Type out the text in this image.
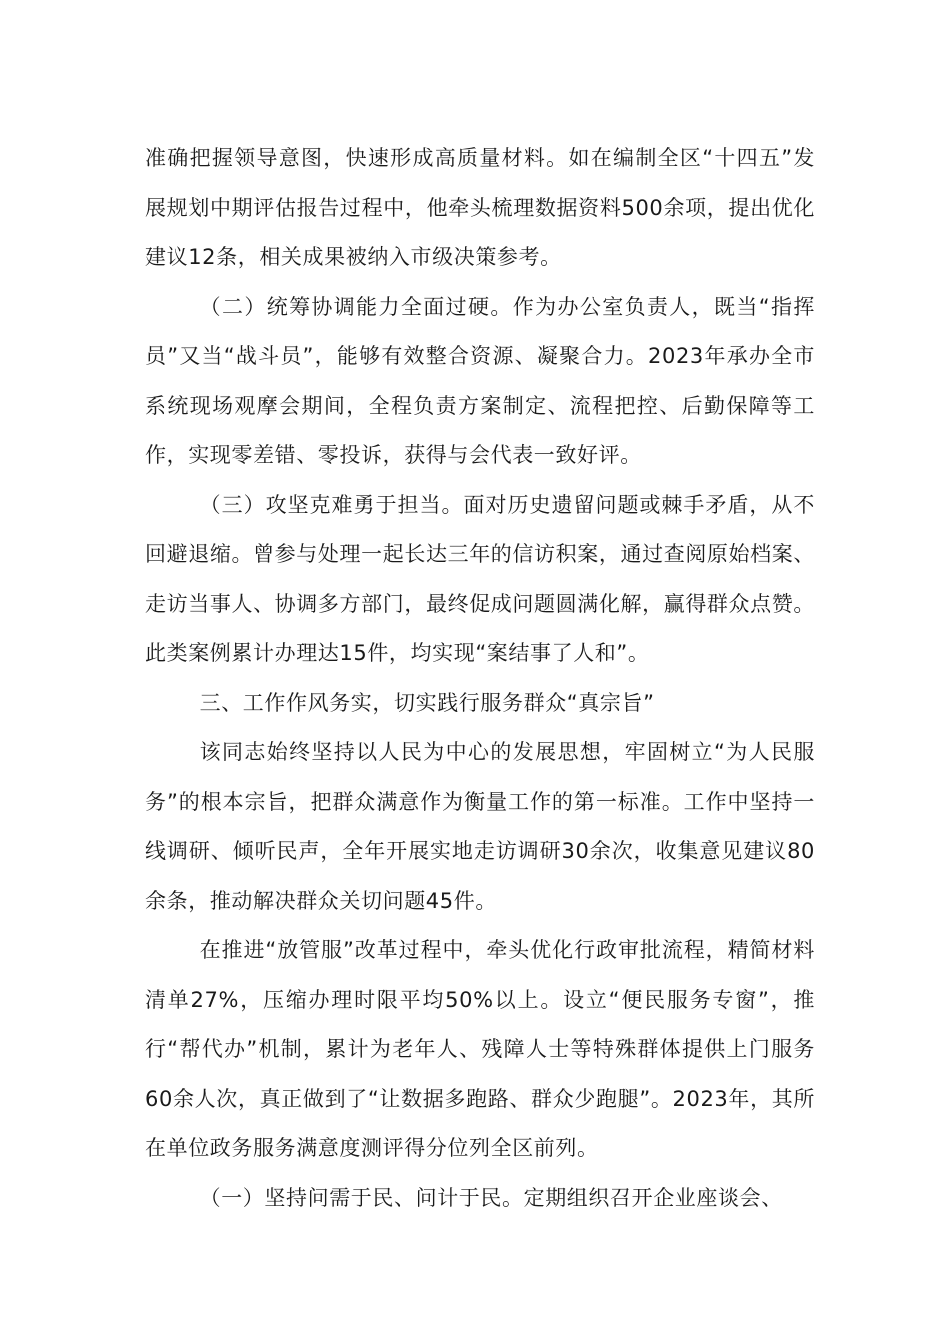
准确把握领导意图，快速形成高质量材料。如在编制全区“十四五”发展规划中期评估报告过程中，他牵头梳理数据资料500余项，提出优化建议12条，相关成果被纳入市级决策参考。

（二）统筹协调能力全面过硬。作为办公室负责人，既当“指挥员”又当“战斗员”，能够有效整合资源、凝聚合力。2023年承办全市系统现场观摩会期间，全程负责方案制定、流程把控、后勤保障等工作，实现零差错、零投诉，获得与会代表一致好评。

（三）攻坚克难勇于担当。面对历史遗留问题或棘手矛盾，从不回避退缩。曾参与处理一起长达三年的信访积案，通过查阅原始档案、走访当事人、协调多方部门，最终促成问题圆满化解，赢得群众点赞。此类案例累计办理达15件，均实现“案结事了人和”。

三、工作作风务实，切实践行服务群众“真宗旨”

该同志始终坚持以人民为中心的发展思想，牢固树立“为人民服务”的根本宗旨，把群众满意作为衡量工作的第一标准。工作中坚持一线调研、倾听民声，全年开展实地走访调研30余次，收集意见建议80余条，推动解决群众关切问题45件。

在推进“放管服”改革过程中，牵头优化行政审批流程，精简材料清单27%，压缩办理时限平均50%以上。设立“便民服务专窗”，推行“帮代办”机制，累计为老年人、残障人士等特殊群体提供上门服务60余人次，真正做到了“让数据多跑路、群众少跑腿”。2023年，其所在单位政务服务满意度测评得分位列全区前列。

（一）坚持问需于民、问计于民。定期组织召开企业座谈会、
